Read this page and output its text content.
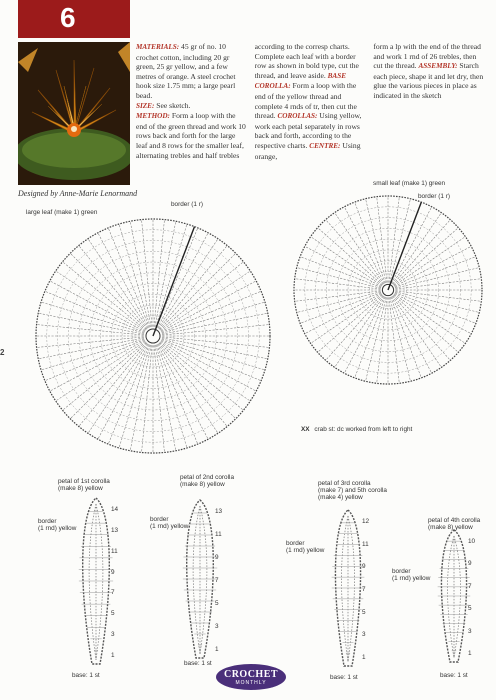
6
Designed by Anne-Marie Lenormand
MATERIALS: 45 gr of no. 10 crochet cotton, including 20 gr green, 25 gr yellow, and a few metres of orange. A steel crochet hook size 1.75 mm; a large pearl bead.
SIZE: See sketch.
METHOD: Form a loop with the end of the green thread and work 10 rows back and forth for the large leaf and 8 rows for the smaller leaf, alternating trebles and half trebles
according to the corresp charts. Complete each leaf with a border row as shown in bold type, cut the thread, and leave aside. BASE COROLLA: Form a loop with the end of the yellow thread and complete 4 rnds of tr, then cut the thread. COROLLAS: Using yellow, work each petal separately in rows back and forth, according to the respective charts. CENTRE: Using orange,
form a lp with the end of the thread and work 1 rnd of 26 trebles, then cut the thread. ASSEMBLY: Starch each piece, shape it and let dry, then glue the various pieces in place as indicated in the sketch
large leaf (make 1) green
border (1 r)
small leaf (make 1) green
border (1 r)
XX crab st: dc worked from left to right
2
petal of 1st corolla
(make 8) yellow
border
(1 rnd) yellow
base: 1 st
14
13
11
9
7
5
3
1
petal of 2nd corolla
(make 8) yellow
border
(1 rnd) yellow
base: 1 st
13
11
9
7
5
3
1
petal of 3rd corolla
(make 7) and 5th corolla
(make 4) yellow
border
(1 rnd) yellow
base: 1 st
12
11
9
7
5
3
1
petal of 4th corolla
(make 8) yellow
border
(1 rnd) yellow
base: 1 st
10
9
7
5
3
1
CROCHET
MONTHLY
